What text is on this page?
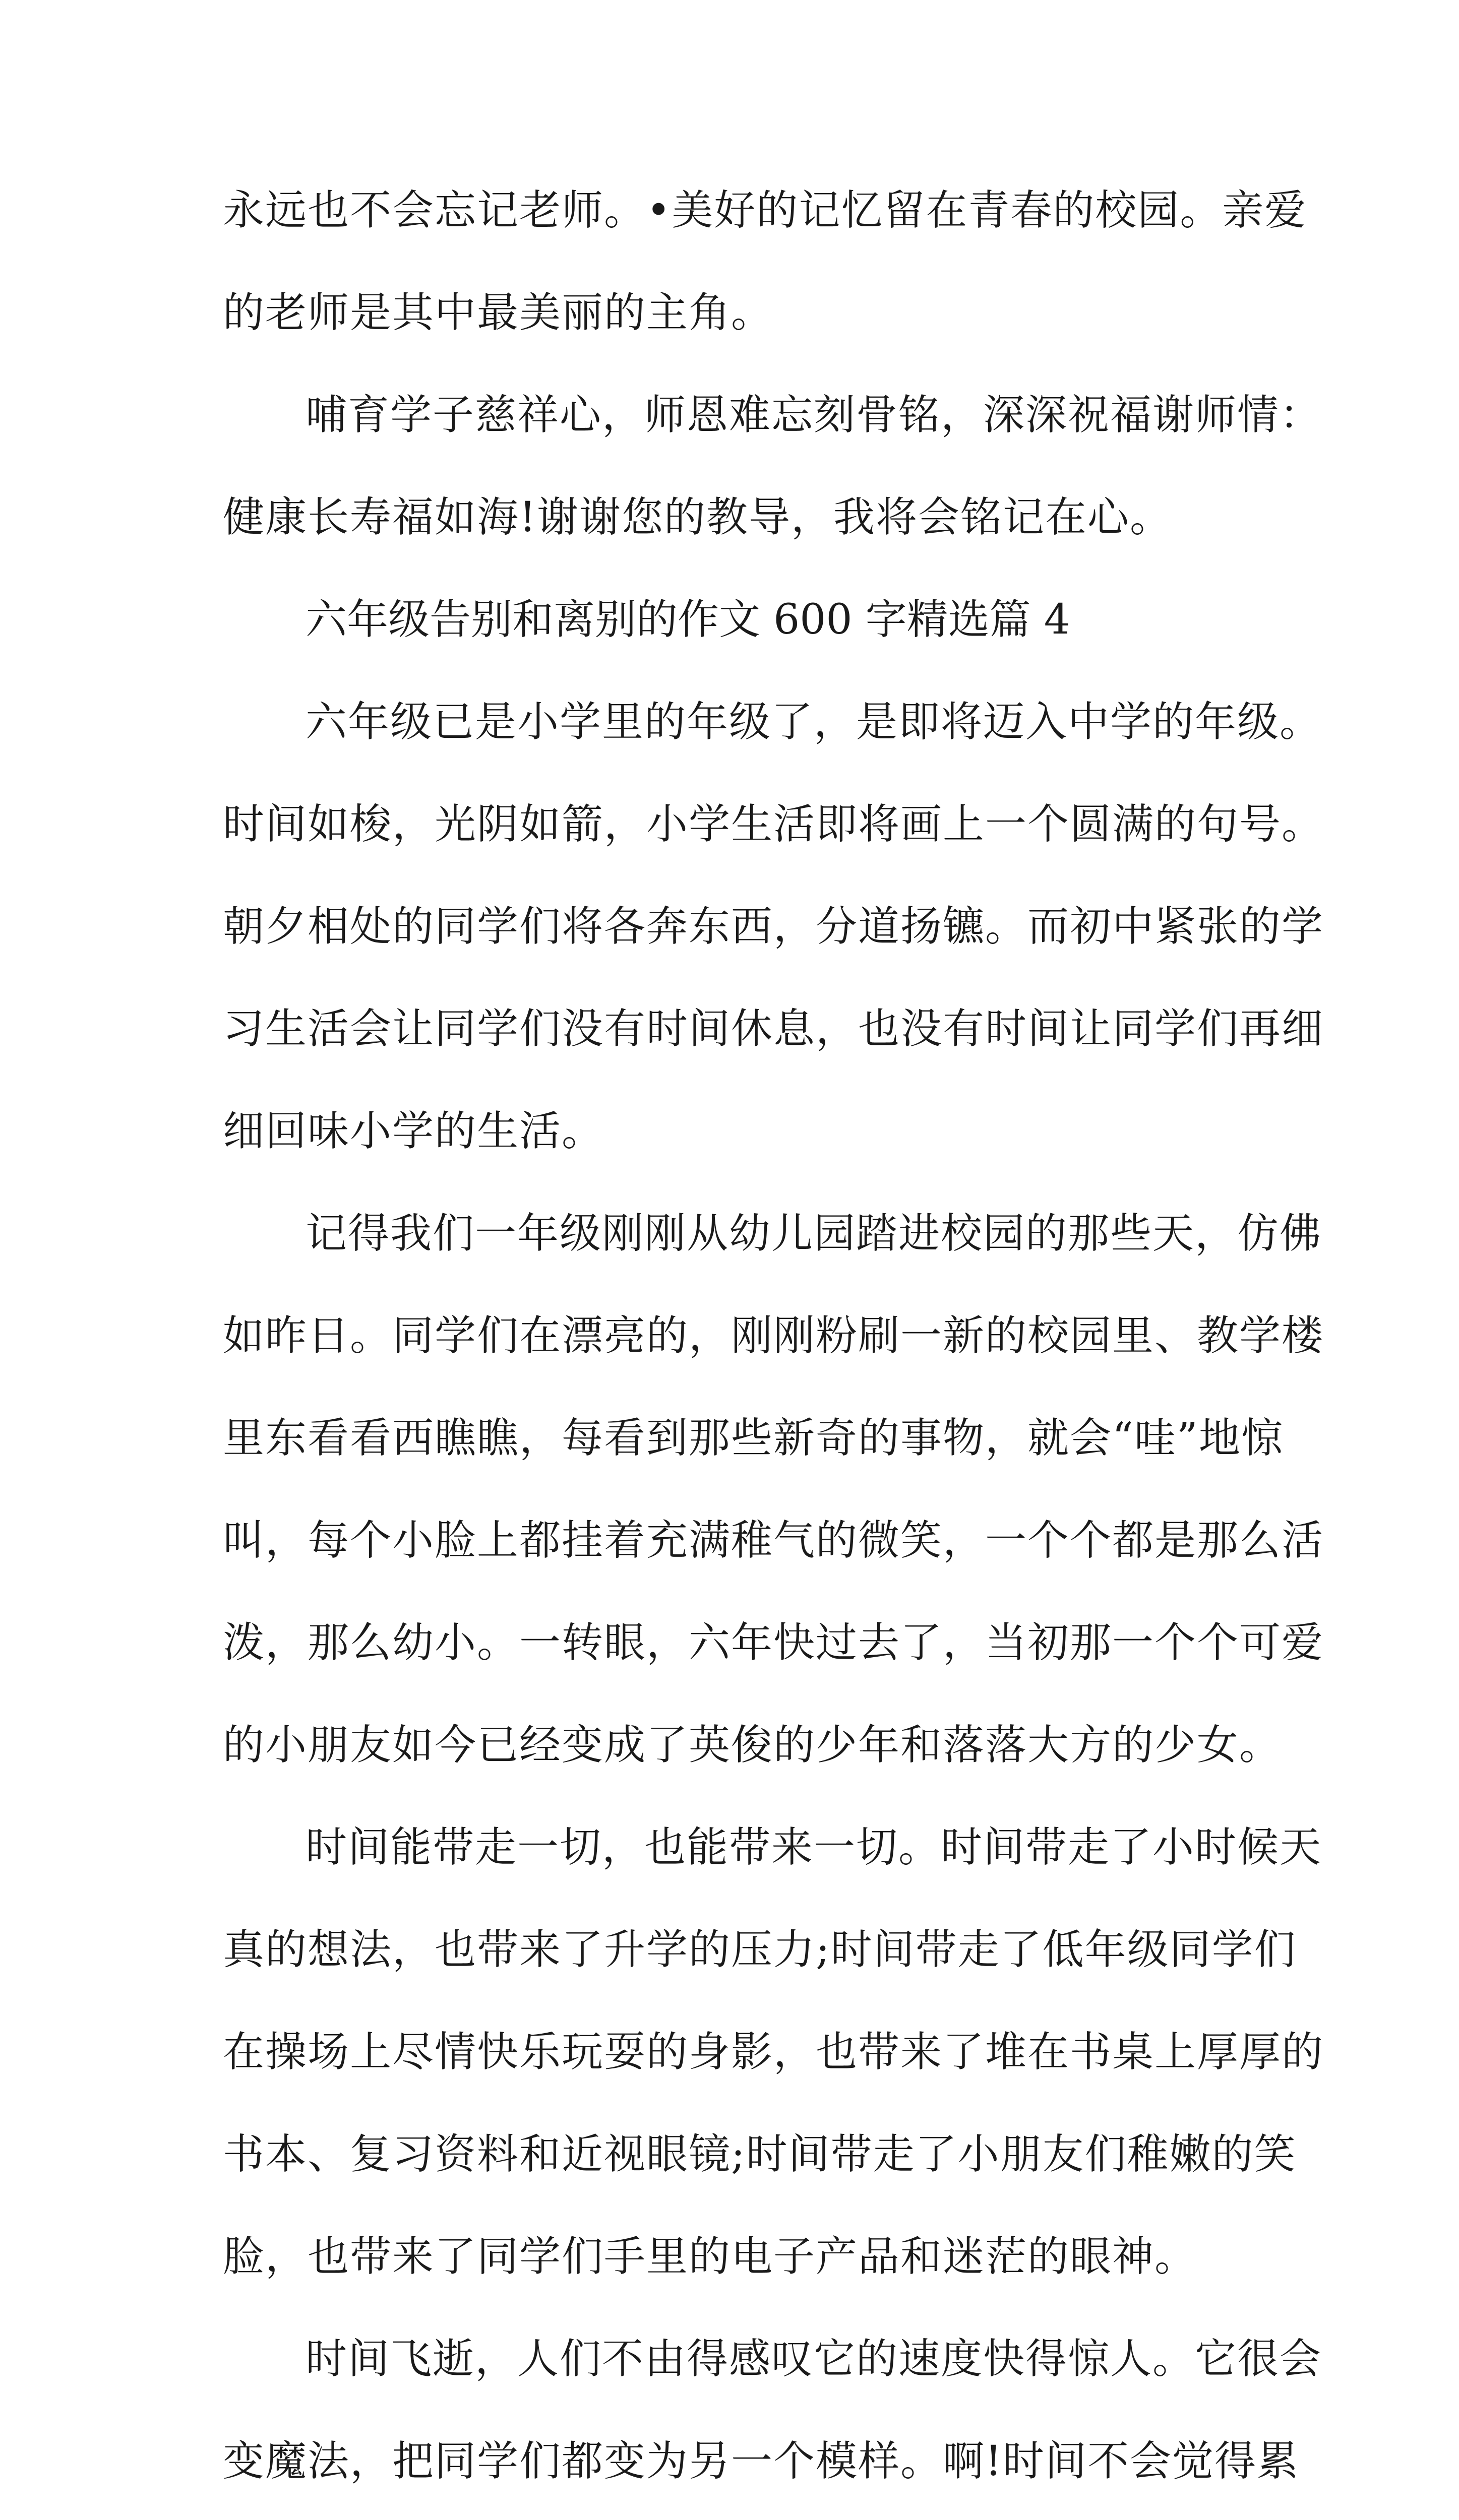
永远也不会忘记老师。•美好的记忆留在青春的校园。亲爱
的老师是其中最美丽的主角。
哺育学子慈祥心，师恩难忘刻骨铭，深深祝福谢师情：
健康长寿福如海!谢谢您的教导，我将会铭记在心。
六年级告别和离别的作文 600 字精选篇 4
六年级已是小学里的年级了，是即将迈入中学的年级。
时间如梭，光阴如箭，小学生活即将画上一个圆满的句号。
朝夕相处的同学们将各奔东西，分道扬镳。而初中紧张的学
习生活会让同学们没有时间休息，也没有时间让同学们再细
细回味小学的生活。
记得我们一年级刚刚从幼儿园踏进校园的那些天，仿佛
如昨日。同学们在漂亮的，刚刚粉刷一新的校园里、教学楼
里东看看西瞧瞧，每看到那些新奇的事物，就会“哇”地惊
叫，每个小脸上都挂着充满稚气的微笑，一个个都是那么活
泼，那么幼小。一转眼，六年快过去了，当初那一个个可爱
的小朋友如今已经变成了英俊的少年和落落大方的少女。
时间能带走一切，也能带来一切。时间带走了小时候天
真的想法，也带来了升学的压力;时间带走了低年级同学们
在操场上尽情快乐玩耍的身影，也带来了堆在书桌上厚厚的
书本、复习资料和近视眼镜;时间带走了小朋友们稚嫩的笑
脸，也带来了同学们手里的电子产品和迷茫的眼神。
时间飞逝，人们不由得感叹它的速度快得惊人。它很会
变魔法，把同学们都变为另一个模样。啊!时间不会觉得累
